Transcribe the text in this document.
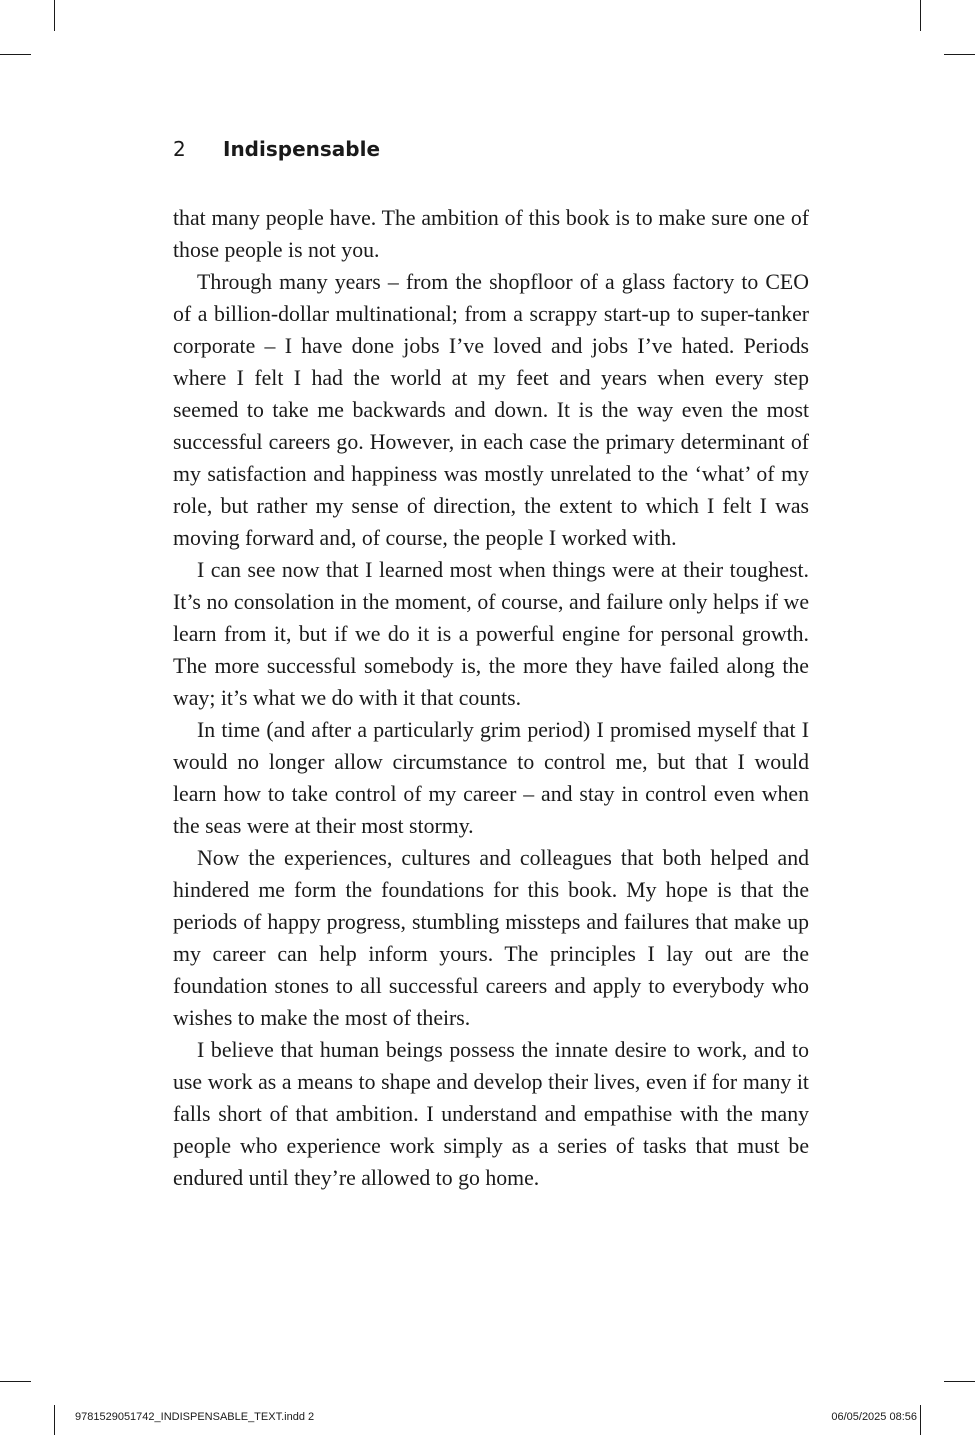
2	Indispensable

that many people have. The ambition of this book is to make sure one of those people is not you.

Through many years – from the shopfloor of a glass factory to CEO of a billion-dollar multinational; from a scrappy start-up to super-tanker corporate – I have done jobs I’ve loved and jobs I’ve hated. Periods where I felt I had the world at my feet and years when every step seemed to take me backwards and down. It is the way even the most successful careers go. However, in each case the primary determinant of my satisfaction and happiness was mostly unrelated to the ‘what’ of my role, but rather my sense of direction, the extent to which I felt I was moving forward and, of course, the people I worked with.

I can see now that I learned most when things were at their toughest. It’s no consolation in the moment, of course, and failure only helps if we learn from it, but if we do it is a powerful engine for personal growth. The more successful somebody is, the more they have failed along the way; it’s what we do with it that counts.

In time (and after a particularly grim period) I promised myself that I would no longer allow circumstance to control me, but that I would learn how to take control of my career – and stay in control even when the seas were at their most stormy.

Now the experiences, cultures and colleagues that both helped and hindered me form the foundations for this book. My hope is that the periods of happy progress, stumbling missteps and failures that make up my career can help inform yours. The principles I lay out are the foundation stones to all successful careers and apply to everybody who wishes to make the most of theirs.

I believe that human beings possess the innate desire to work, and to use work as a means to shape and develop their lives, even if for many it falls short of that ambition. I understand and empathise with the many people who experience work simply as a series of tasks that must be endured until they’re allowed to go home.

9781529051742_INDISPENSABLE_TEXT.indd 2	06/05/2025 08:56
